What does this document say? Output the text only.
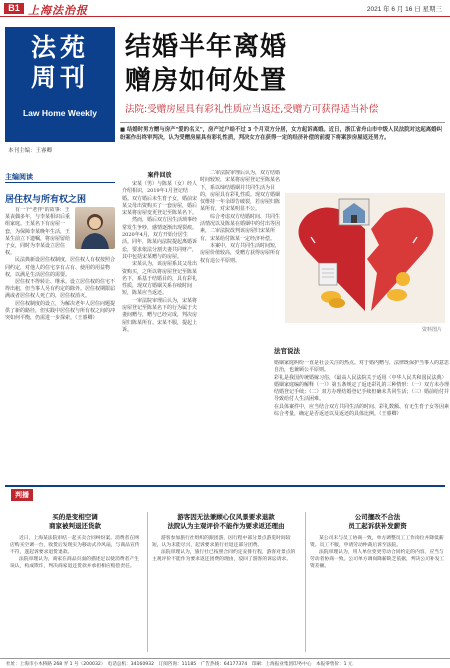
B1 上海法治报	2021 年 6 月 16 日 星期三
法苑
周刊
Law Home Weekly
本刊主编：王睿卿
结婚半年离婚
赠房如何处置
法院:受赠房屋具有彩礼性质应当返还,受赠方可获得适当补偿
■ 结婚时男方赠与房产"爱的名义"，房产过户给不过 3 个月双方分居，女方起诉离婚。近日，浙江省舟山市中级人民法院对这起离婚纠纷案作出终审判决，认为受赠房屋具有彩礼性质，判决女方在获得一定的经济补偿的前提下将案涉房屋返还男方。
主编阅读
居住权与所有权之困

有一个"老伴"的故事：王某丧偶多年，与李某相识后重组家庭。王某名下有房屋一套，为保障李某晚年生活，王某生前立下遗嘱，将房屋留给子女，同时为李某设立居住权。

民法典新设居住权制度，居住权人有权按照合同约定，对他人的住宅享有占有、使用的用益物权，以满足生活居住的需要。

居住权不得转让、继承。设立居住权的住宅不得出租，但当事人另有约定的除外。居住权期限届满或者居住权人死亡的，居住权消灭。

居住权制度的设立，为解决老年人居住问题提供了新的路径，但实践中居住权与所有权之间的冲突如何平衡，仍需进一步探索。（王睿卿）

案件回放

宋某（男）与陈某（女）经人介绍相识，2019年1月登记结婚。双方婚后未生育子女，婚前宋某父母出资购买了一套房屋，婚后宋某将房屋变更登记至陈某名下。

然而，婚后双方因生活琐事经常发生争吵，感情逐渐出现裂痕。2020年4月，双方开始分居生活。同年，陈某向法院提起离婚诉讼，要求依法分割夫妻共同财产，其中包括宋某赠与的房屋。

宋某认为，该房屋系其父母出资购买，之所以将房屋登记至陈某名下，系基于结婚目的，具有彩礼性质，现双方婚姻关系存续时间短，陈某应当返还。

一审法院审理后认为，宋某将房屋登记至陈某名下的行为属于夫妻间赠与，赠与已经完成，判决房屋归陈某所有。宋某不服，提起上诉。

二审法院审理后认为，双方结婚时间较短，宋某将房屋登记至陈某名下，系以缔结婚姻并共同生活为目的，房屋具有彩礼性质。现双方婚姻仅维持一年余即告破裂，若房屋归陈某所有，对宋某明显不公。

综合考虑双方结婚时间、共同生活情况以及陈某在婚姻中的付出等因素，二审法院改判该房屋归宋某所有，宋某给付陈某一定经济补偿。

本案中，双方共同生活时间短，房屋价值较高，受赠方获得房屋所有权有违公平原则。

资料图片
法官说法

婚姻家庭纠纷一直是社会关注的热点。对于婚内赠与，法律既保护当事人的意思自治，也兼顾公平原则。

彩礼是我国传统婚嫁习俗，《最高人民法院关于适用〈中华人民共和国民法典〉婚姻家庭编的解释（一）》第五条规定了返还彩礼的三种情形：（一）双方未办理结婚登记手续；（二）双方办理结婚登记手续但确未共同生活；（三）婚前给付并导致给付人生活困难。

在具体案件中，应当结合双方共同生活的时间、彩礼数额、有无生育子女等因素综合考量，确定是否返还以及返还的具体比例。（王睿卿）

判播
买的是变相空调
商家被判退还货款

近日，上海某法院审结一起买卖合同纠纷案。消费者在网店购买空调一台，收货后发现实为移动式冷风扇，与商品宣传不符，遂起诉要求退货退款。

法院审理认为，商家在商品页面的描述足以使消费者产生误认，构成欺诈，判决商家退还货款并承担相应赔偿责任。

游客因无法兼顾心仪风景要求退款
法院认为主观评价不能作为要求返还理由

游客参加旅行社组织的跟团游，因行程中部分景点游览时间较短，认为未能尽兴，起诉要求旅行社退还部分团费。

法院审理认为，旅行社已按照合同约定安排行程，游客对景点的主观评价不能作为要求返还团费的理由，驳回了游客的诉讼请求。

公司擅改不合法
员工起诉获补发薪资

某公司未与员工协商一致，单方调整员工工作岗位并降低薪资。员工不服，申请劳动仲裁后诉至法院。

法院审理认为，用人单位变更劳动合同约定的内容，应当与劳动者协商一致。公司单方调岗降薪缺乏依据，判决公司补发工资差额。

社址：上海市小木桥路 268 弄 1 号（200032）　电话总机：34160932　订阅咨询：11185　广告热线：64177374　印刷：上海报业集团印务中心　本报零售价：1 元
